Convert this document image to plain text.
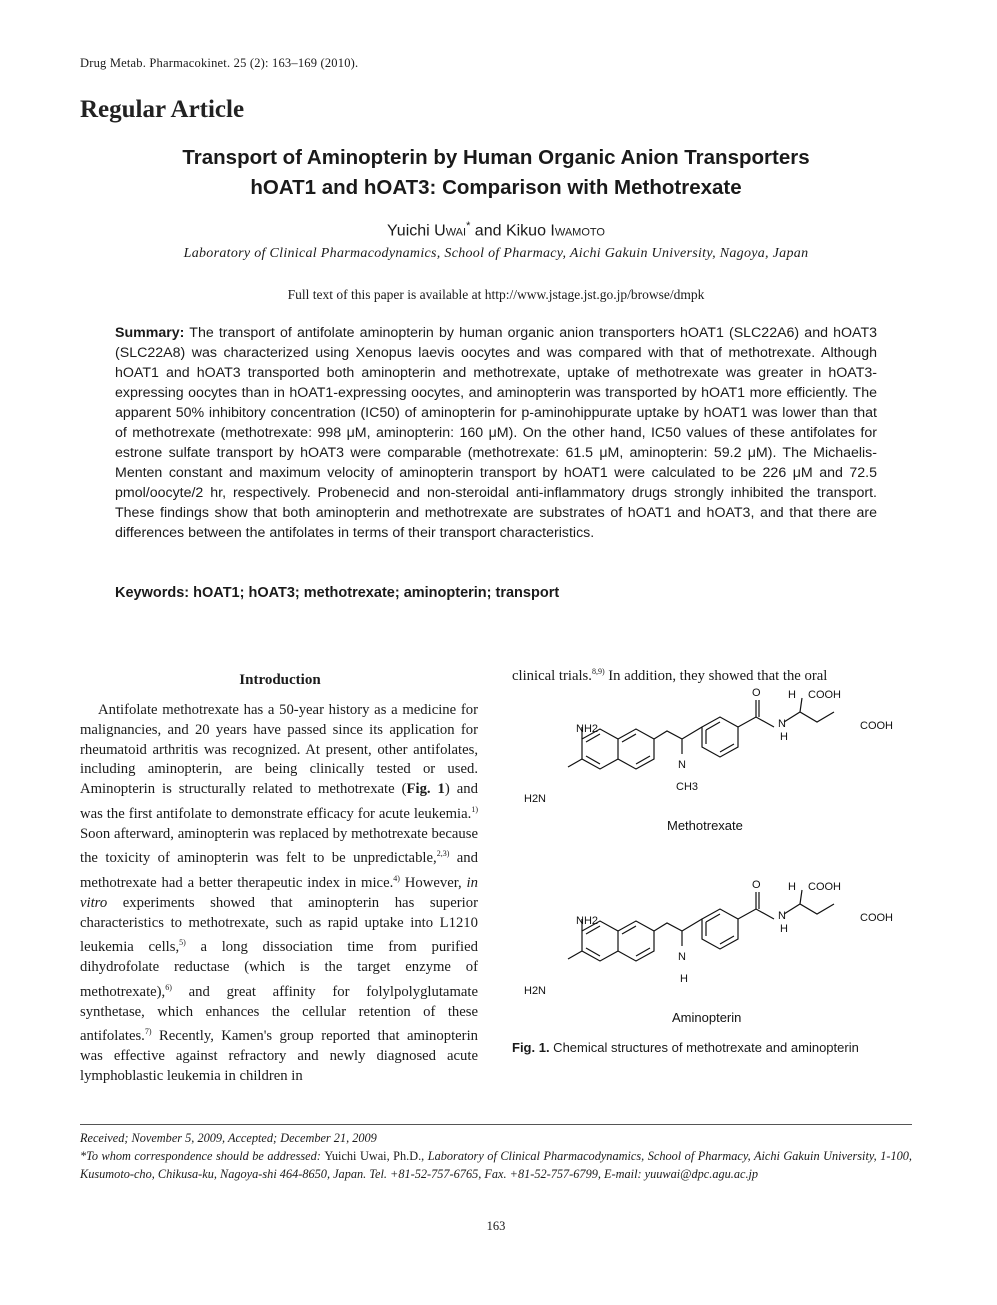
Drug Metab. Pharmacokinet. 25 (2): 163–169 (2010).
Regular Article
Transport of Aminopterin by Human Organic Anion Transporters
hOAT1 and hOAT3: Comparison with Methotrexate
Yuichi Uwai* and Kikuo Iwamoto
Laboratory of Clinical Pharmacodynamics, School of Pharmacy, Aichi Gakuin University, Nagoya, Japan
Full text of this paper is available at http://www.jstage.jst.go.jp/browse/dmpk
Summary: The transport of antifolate aminopterin by human organic anion transporters hOAT1 (SLC22A6) and hOAT3 (SLC22A8) was characterized using Xenopus laevis oocytes and was compared with that of methotrexate. Although hOAT1 and hOAT3 transported both aminopterin and methotrexate, uptake of methotrexate was greater in hOAT3-expressing oocytes than in hOAT1-expressing oocytes, and aminopterin was transported by hOAT1 more efficiently. The apparent 50% inhibitory concentration (IC50) of aminopterin for p-aminohippurate uptake by hOAT1 was lower than that of methotrexate (methotrexate: 998 μM, aminopterin: 160 μM). On the other hand, IC50 values of these antifolates for estrone sulfate transport by hOAT3 were comparable (methotrexate: 61.5 μM, aminopterin: 59.2 μM). The Michaelis-Menten constant and maximum velocity of aminopterin transport by hOAT1 were calculated to be 226 μM and 72.5 pmol/oocyte/2 hr, respectively. Probenecid and non-steroidal anti-inflammatory drugs strongly inhibited the transport. These findings show that both aminopterin and methotrexate are substrates of hOAT1 and hOAT3, and that there are differences between the antifolates in terms of their transport characteristics.
Keywords: hOAT1; hOAT3; methotrexate; aminopterin; transport
Introduction
Antifolate methotrexate has a 50-year history as a medicine for malignancies, and 20 years have passed since its application for rheumatoid arthritis was recognized. At present, other antifolates, including aminopterin, are being clinically tested or used. Aminopterin is structurally related to methotrexate (Fig. 1) and was the first antifolate to demonstrate efficacy for acute leukemia.$^{1)}$ Soon afterward, aminopterin was replaced by methotrexate because the toxicity of aminopterin was felt to be unpredictable,$^{2,3)}$ and methotrexate had a better therapeutic index in mice.$^{4)}$ However, in vitro experiments showed that aminopterin has superior characteristics to methotrexate, such as rapid uptake into L1210 leukemia cells,$^{5)}$ a long dissociation time from purified dihydrofolate reductase (which is the target enzyme of methotrexate),$^{6)}$ and great affinity for folylpolyglutamate synthetase, which enhances the cellular retention of these antifolates.$^{7)}$ Recently, Kamen's group reported that aminopterin was effective against refractory and newly diagnosed acute lymphoblastic leukemia in children in
clinical trials.$^{8,9)}$ In addition, they showed that the oral
O H COOH
COOH
N
H
NH2
H2N
N
CH3
Methotrexate
O H COOH
COOH
N
H
NH2
H2N
N
H
Aminopterin
Fig. 1. Chemical structures of methotrexate and aminopterin
Received; November 5, 2009, Accepted; December 21, 2009
*To whom correspondence should be addressed: Yuichi Uwai, Ph.D., Laboratory of Clinical Pharmacodynamics, School of Pharmacy, Aichi Gakuin University, 1-100, Kusumoto-cho, Chikusa-ku, Nagoya-shi 464-8650, Japan. Tel. +81-52-757-6765, Fax. +81-52-757-6799, E-mail: yuuwai@dpc.agu.ac.jp
163
